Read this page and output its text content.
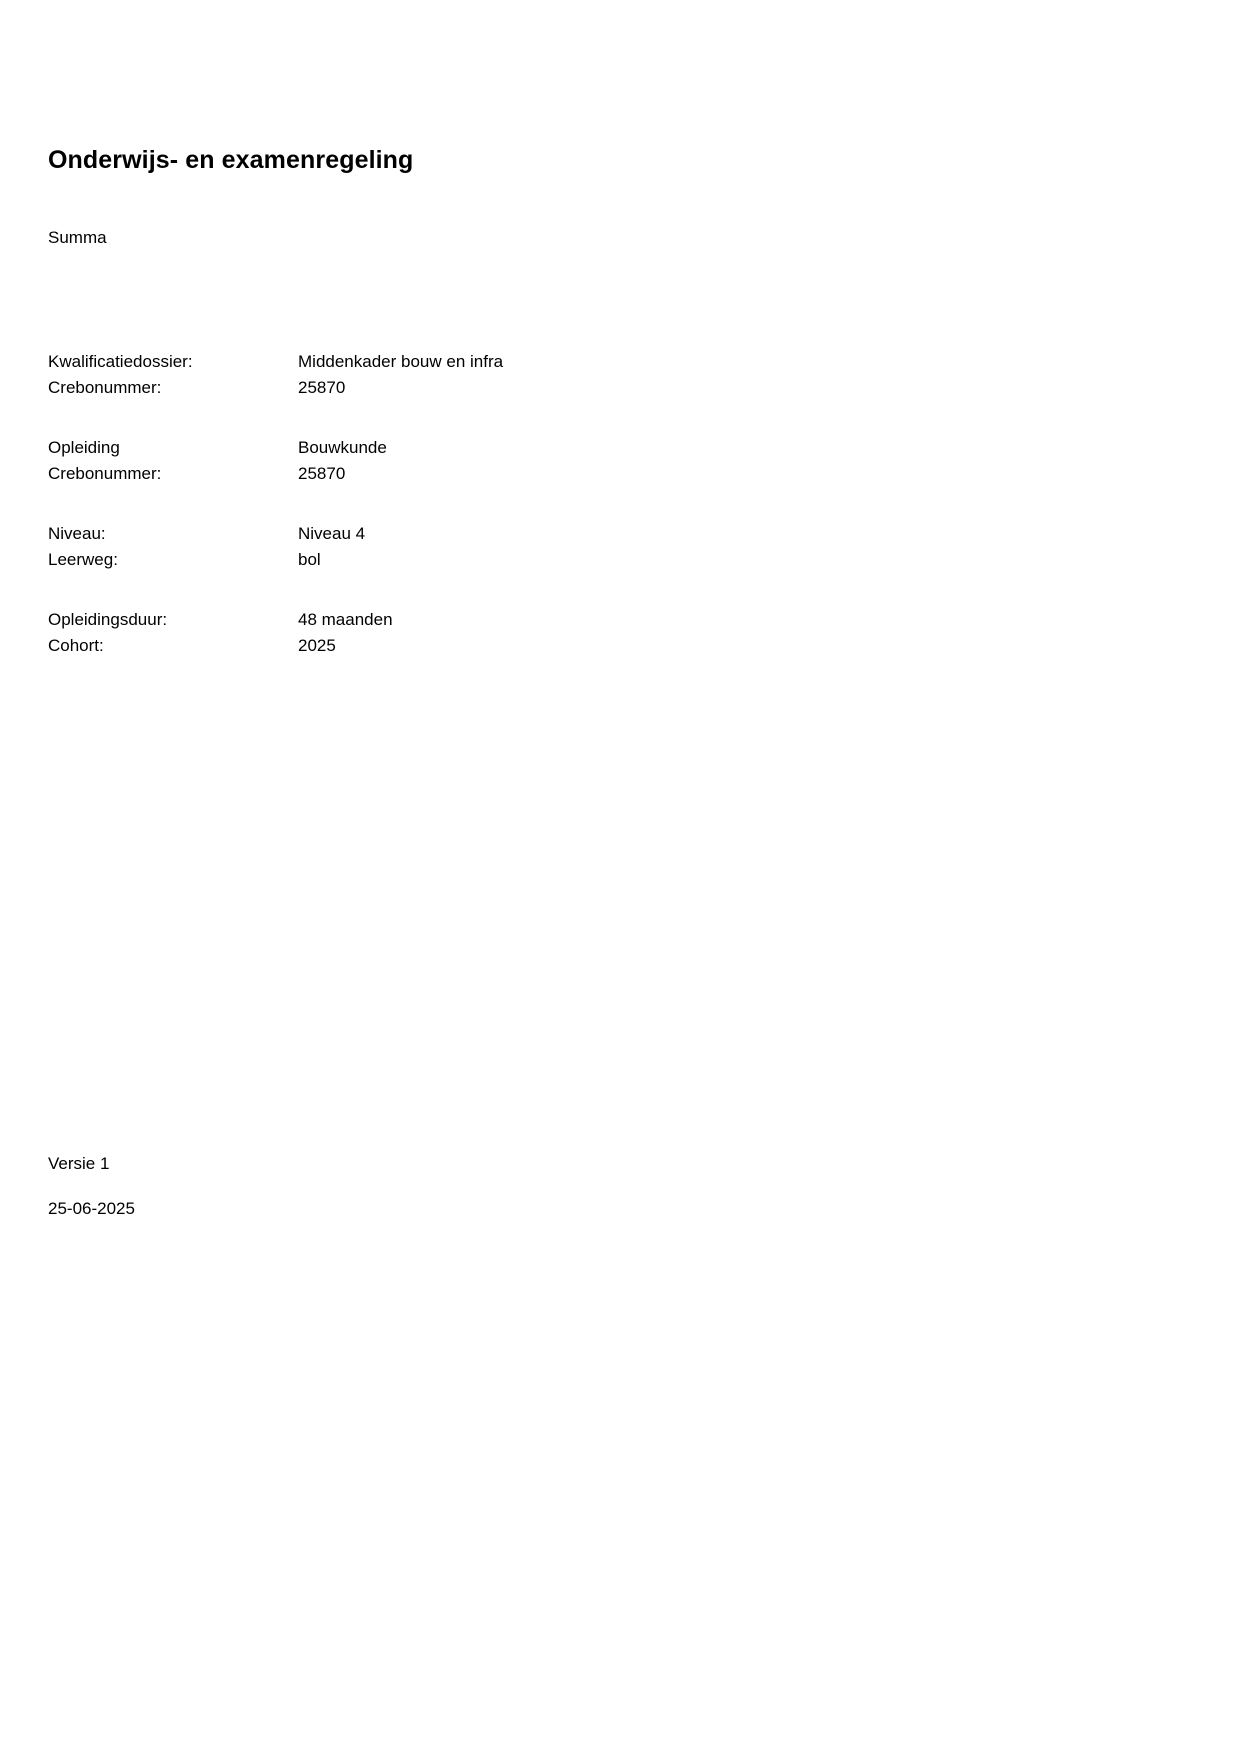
Onderwijs- en examenregeling
Summa
Kwalificatiedossier:	Middenkader bouw en infra
Crebonummer:	25870
Opleiding	Bouwkunde
Crebonummer:	25870
Niveau:	Niveau 4
Leerweg:	bol
Opleidingsduur:	48 maanden
Cohort:	2025
Versie 1
25-06-2025
